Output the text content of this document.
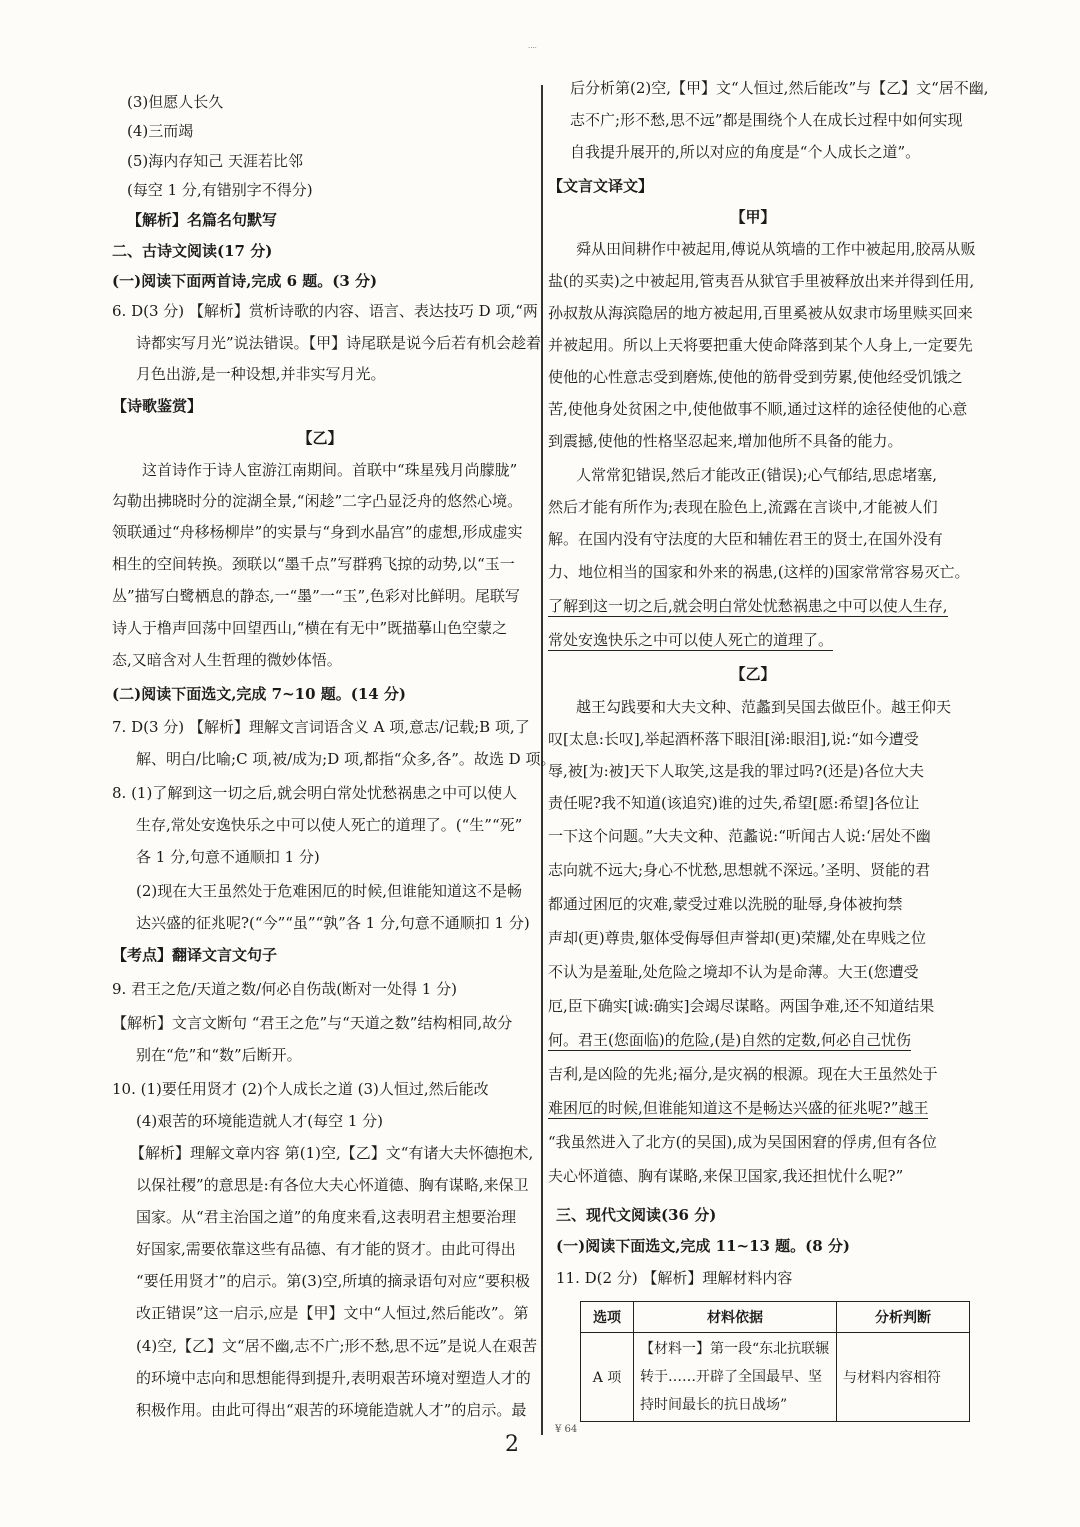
····
(3)但愿人长久
(4)三而竭
(5)海内存知己 天涯若比邻
(每空 1 分,有错别字不得分)
【解析】名篇名句默写
二、古诗文阅读(17 分)
(一)阅读下面两首诗,完成 6 题。(3 分)
6. D(3 分) 【解析】赏析诗歌的内容、语言、表达技巧 D 项,“两
诗都实写月光”说法错误。【甲】诗尾联是说今后若有机会趁着
月色出游,是一种设想,并非实写月光。
【诗歌鉴赏】
【乙】
这首诗作于诗人宦游江南期间。首联中“珠星残月尚朦胧”
勾勒出拂晓时分的淀湖全景,“闲趁”二字凸显泛舟的悠然心境。
领联通过“舟移杨柳岸”的实景与“身到水晶宫”的虚想,形成虚实
相生的空间转换。颈联以“墨千点”写群鸦飞掠的动势,以“玉一
丛”描写白鹭栖息的静态,一“墨”一“玉”,色彩对比鲜明。尾联写
诗人于橹声回荡中回望西山,“横在有无中”既描摹山色空蒙之
态,又暗含对人生哲理的微妙体悟。
(二)阅读下面选文,完成 7~10 题。(14 分)
7. D(3 分) 【解析】理解文言词语含义 A 项,意志/记载;B 项,了
解、明白/比喻;C 项,被/成为;D 项,都指“众多,各”。故选 D 项。
8. (1)了解到这一切之后,就会明白常处忧愁祸患之中可以使人
生存,常处安逸快乐之中可以使人死亡的道理了。(“生”“死”
各 1 分,句意不通顺扣 1 分)
(2)现在大王虽然处于危难困厄的时候,但谁能知道这不是畅
达兴盛的征兆呢?(“今”“虽”“孰”各 1 分,句意不通顺扣 1 分)
【考点】翻译文言文句子
9. 君王之危/天道之数/何必自伤哉(断对一处得 1 分)
【解析】文言文断句 “君王之危”与“天道之数”结构相同,故分
别在“危”和“数”后断开。
10. (1)要任用贤才 (2)个人成长之道 (3)人恒过,然后能改
(4)艰苦的环境能造就人才(每空 1 分)
【解析】理解文章内容 第(1)空,【乙】文“有诸大夫怀德抱术,
以保社稷”的意思是:有各位大夫心怀道德、胸有谋略,来保卫
国家。从“君主治国之道”的角度来看,这表明君主想要治理
好国家,需要依靠这些有品德、有才能的贤才。由此可得出
“要任用贤才”的启示。第(3)空,所填的摘录语句对应“要积极
改正错误”这一启示,应是【甲】文中“人恒过,然后能改”。第
(4)空,【乙】文“居不幽,志不广;形不愁,思不远”是说人在艰苦
的环境中志向和思想能得到提升,表明艰苦环境对塑造人才的
积极作用。由此可得出“艰苦的环境能造就人才”的启示。最
后分析第(2)空,【甲】文“人恒过,然后能改”与【乙】文“居不幽,
志不广;形不愁,思不远”都是围绕个人在成长过程中如何实现
自我提升展开的,所以对应的角度是“个人成长之道”。
【文言文译文】
【甲】
舜从田间耕作中被起用,傅说从筑墙的工作中被起用,胶鬲从贩
盐(的买卖)之中被起用,管夷吾从狱官手里被释放出来并得到任用,
孙叔敖从海滨隐居的地方被起用,百里奚被从奴隶市场里赎买回来
并被起用。所以上天将要把重大使命降落到某个人身上,一定要先
使他的心性意志受到磨炼,使他的筋骨受到劳累,使他经受饥饿之
苦,使他身处贫困之中,使他做事不顺,通过这样的途径使他的心意
到震撼,使他的性格坚忍起来,增加他所不具备的能力。
人常常犯错误,然后才能改正(错误);心气郁结,思虑堵塞,
然后才能有所作为;表现在脸色上,流露在言谈中,才能被人们
解。在国内没有守法度的大臣和辅佐君王的贤士,在国外没有
力、地位相当的国家和外来的祸患,(这样的)国家常常容易灭亡。
了解到这一切之后,就会明白常处忧愁祸患之中可以使人生存,
常处安逸快乐之中可以使人死亡的道理了。
【乙】
越王勾践要和大夫文种、范蠡到吴国去做臣仆。越王仰天
叹[太息:长叹],举起酒杯落下眼泪[涕:眼泪],说:“如今遭受
辱,被[为:被]天下人取笑,这是我的罪过吗?(还是)各位大夫
责任呢?我不知道(该追究)谁的过失,希望[愿:希望]各位让
一下这个问题。”大夫文种、范蠡说:“听闻古人说:‘居处不幽
志向就不远大;身心不忧愁,思想就不深远。’圣明、贤能的君
都通过困厄的灾难,蒙受过难以洗脱的耻辱,身体被拘禁
声却(更)尊贵,躯体受侮辱但声誉却(更)荣耀,处在卑贱之位
不认为是羞耻,处危险之境却不认为是命薄。大王(您遭受
厄,臣下确实[诚:确实]会竭尽谋略。两国争难,还不知道结果
何。君王(您面临)的危险,(是)自然的定数,何必自己忧伤
吉利,是凶险的先兆;福分,是灾祸的根源。现在大王虽然处于
难困厄的时候,但谁能知道这不是畅达兴盛的征兆呢?”越王
“我虽然进入了北方(的吴国),成为吴国困窘的俘虏,但有各位
夫心怀道德、胸有谋略,来保卫国家,我还担忧什么呢?”
三、现代文阅读(36 分)
(一)阅读下面选文,完成 11~13 题。(8 分)
11. D(2 分) 【解析】理解材料内容
选项	材料依据	分析判断
A 项	【材料一】第一段“东北抗联辗
转于……开辟了全国最早、坚
持时间最长的抗日战场”	与材料内容相符
¥ 64
2
